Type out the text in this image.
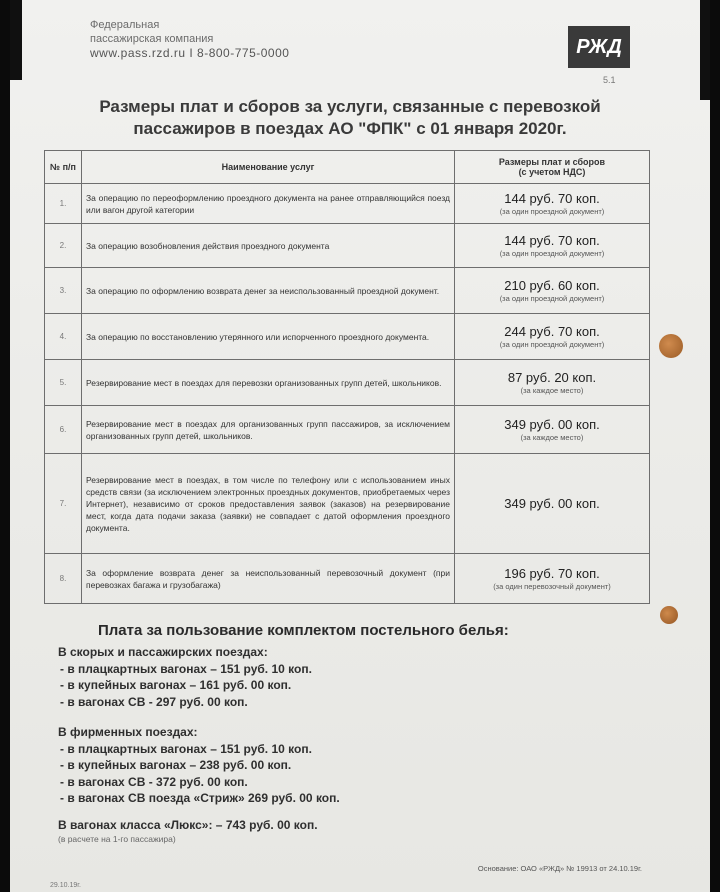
Федеральная
пассажирская компания
www.pass.rzd.ru I 8-800-775-0000	РЖД
5.1
Размеры плат и сборов за услуги, связанные с перевозкой
пассажиров в поездах АО "ФПК" с 01 января 2020г.
№ п/п	Наименование услуг	Размеры плат и сборов
(с учетом НДС)

1.	За операцию по переоформлению проездного документа на ранее отправляющийся поезд или вагон другой категории	144 руб. 70 коп.
(за один проездной документ)

2.	За операцию возобновления действия проездного документа	144 руб. 70 коп.
(за один проездной документ)

3.	За операцию по оформлению возврата денег за неиспользованный проездной документ.	210 руб. 60 коп.
(за один проездной документ)

4.	За операцию по восстановлению утерянного или испорченного проездного документа.	244 руб. 70 коп.
(за один проездной документ)

5.	Резервирование мест в поездах для перевозки организованных групп детей, школьников.	87 руб. 20 коп.
(за каждое место)

6.	Резервирование мест в поездах для организованных групп пассажиров, за исключением организованных групп детей, школьников.	349 руб. 00 коп.
(за каждое место)

7.	Резервирование мест в поездах, в том числе по телефону или с использованием иных средств связи (за исключением электронных проездных документов, приобретаемых через Интернет), независимо от сроков предоставления заявок (заказов) на резервирование мест, когда дата подачи заказа (заявки) не совпадает с датой оформления проездного документа.	349 руб. 00 коп.

8.	За оформление возврата денег за неиспользованный перевозочный документ (при перевозках багажа и грузобагажа)	196 руб. 70 коп.
(за один перевозочный документ)
Плата за пользование комплектом постельного белья:
В скорых и пассажирских поездах:
- в плацкартных вагонах – 151 руб. 10 коп.
- в купейных вагонах – 161 руб. 00 коп.
- в вагонах СВ - 297 руб. 00 коп.
В фирменных поездах:
- в плацкартных вагонах – 151 руб. 10 коп.
- в купейных вагонах – 238 руб. 00 коп.
- в вагонах СВ - 372 руб. 00 коп.
- в вагонах СВ поезда «Стриж» 269 руб. 00 коп.
В вагонах класса «Люкс»: – 743 руб. 00 коп.
(в расчете на 1-го пассажира)
Основание: ОАО «РЖД» № 19913 от 24.10.19г.
29.10.19г.
